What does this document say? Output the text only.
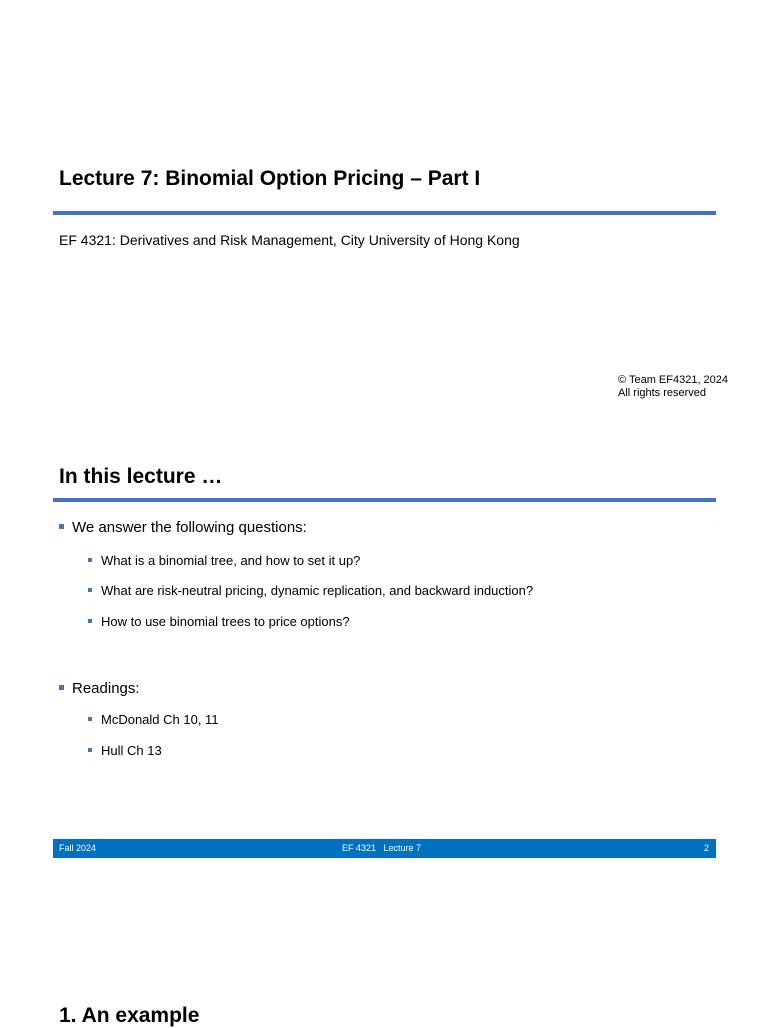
Lecture 7: Binomial Option Pricing – Part I
EF 4321: Derivatives and Risk Management, City University of Hong Kong
© Team EF4321, 2024
All rights reserved
In this lecture …
We answer the following questions:
What is a binomial tree, and how to set it up?
What are risk-neutral pricing, dynamic replication, and backward induction?
How to use binomial trees to price options?
Readings:
McDonald Ch 10, 11
Hull Ch 13
Fall 2024	EF 4321   Lecture 7	2
1. An example
